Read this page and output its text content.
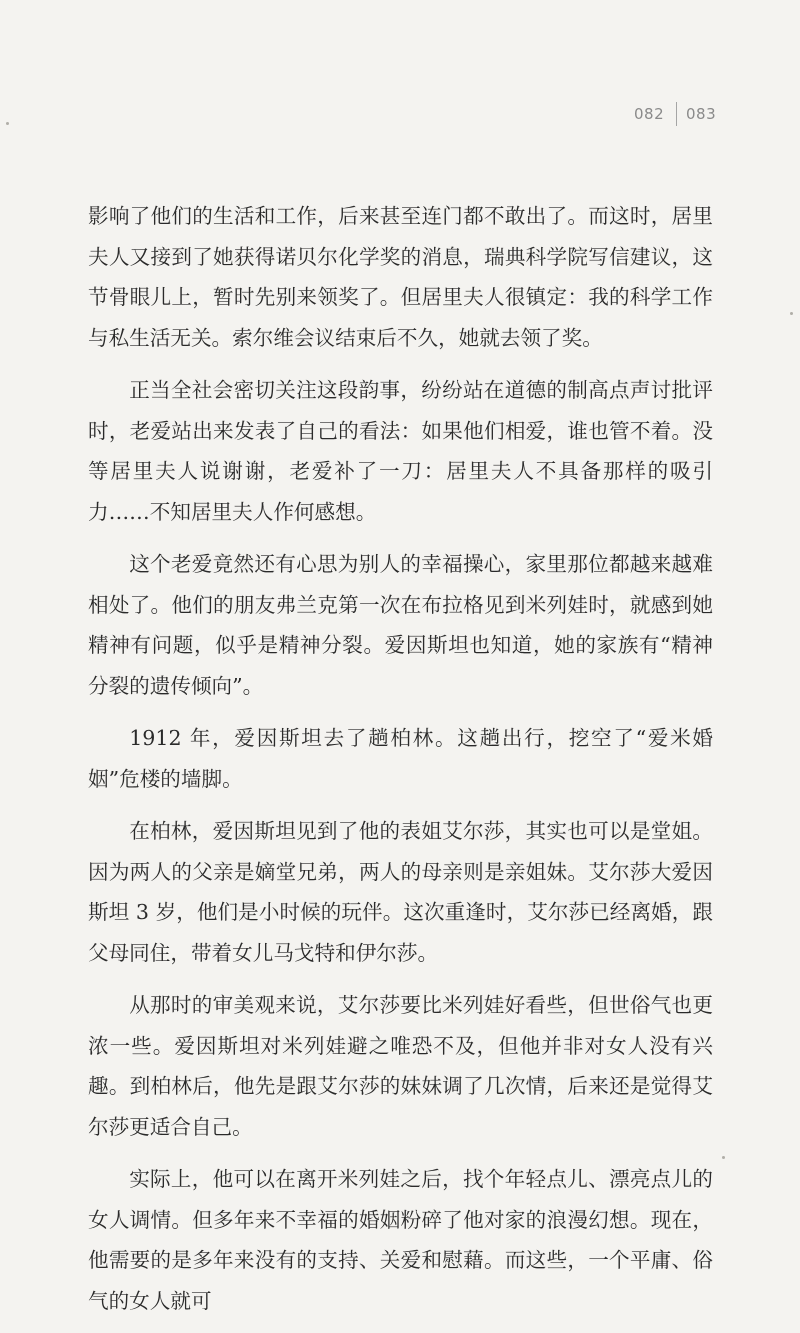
082 083

影响了他们的生活和工作，后来甚至连门都不敢出了。而这时，居里夫人又接到了她获得诺贝尔化学奖的消息，瑞典科学院写信建议，这节骨眼儿上，暂时先别来领奖了。但居里夫人很镇定：我的科学工作与私生活无关。索尔维会议结束后不久，她就去领了奖。

正当全社会密切关注这段韵事，纷纷站在道德的制高点声讨批评时，老爱站出来发表了自己的看法：如果他们相爱，谁也管不着。没等居里夫人说谢谢，老爱补了一刀：居里夫人不具备那样的吸引力……不知居里夫人作何感想。

这个老爱竟然还有心思为别人的幸福操心，家里那位都越来越难相处了。他们的朋友弗兰克第一次在布拉格见到米列娃时，就感到她精神有问题，似乎是精神分裂。爱因斯坦也知道，她的家族有“精神分裂的遗传倾向”。

1912 年，爱因斯坦去了趟柏林。这趟出行，挖空了“爱米婚姻”危楼的墙脚。

在柏林，爱因斯坦见到了他的表姐艾尔莎，其实也可以是堂姐。因为两人的父亲是嫡堂兄弟，两人的母亲则是亲姐妹。艾尔莎大爱因斯坦 3 岁，他们是小时候的玩伴。这次重逢时，艾尔莎已经离婚，跟父母同住，带着女儿马戈特和伊尔莎。

从那时的审美观来说，艾尔莎要比米列娃好看些，但世俗气也更浓一些。爱因斯坦对米列娃避之唯恐不及，但他并非对女人没有兴趣。到柏林后，他先是跟艾尔莎的妹妹调了几次情，后来还是觉得艾尔莎更适合自己。

实际上，他可以在离开米列娃之后，找个年轻点儿、漂亮点儿的女人调情。但多年来不幸福的婚姻粉碎了他对家的浪漫幻想。现在，他需要的是多年来没有的支持、关爱和慰藉。而这些，一个平庸、俗气的女人就可
